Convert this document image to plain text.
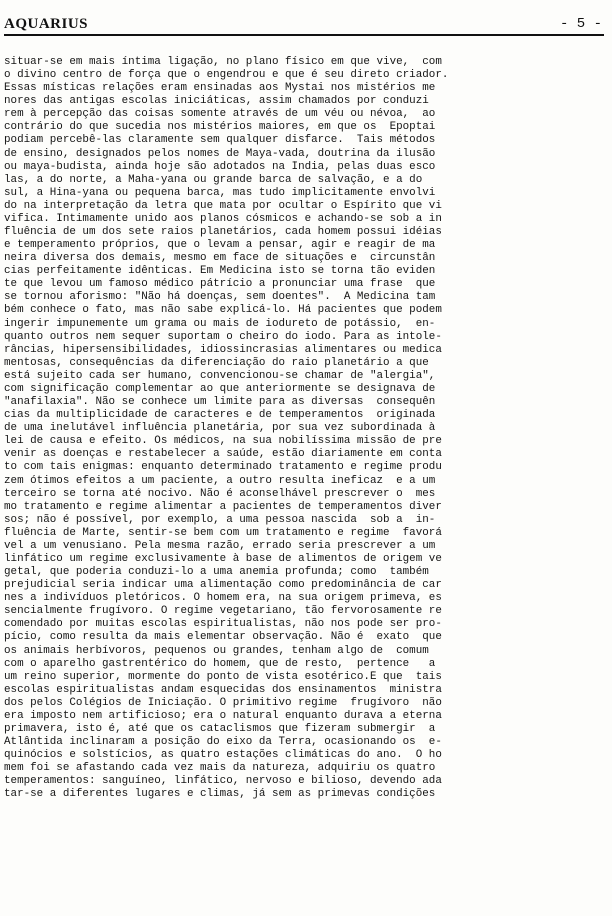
AQUARIUS	- 5 -
situar-se em mais íntima ligação, no plano físico em que vive,  com
o divino centro de força que o engendrou e que é seu direto criador.
Essas místicas relações eram ensinadas aos Mystai nos mistérios me
nores das antigas escolas iniciáticas, assim chamados por conduzi
rem à percepção das coisas somente através de um véu ou névoa,  ao
contrário do que sucedia nos mistérios maiores, em que os  Epoptai
podiam percebê-las claramente sem qualquer disfarce.  Tais métodos
de ensino, designados pelos nomes de Maya-vada, doutrina da ilusão
ou maya-budista, ainda hoje são adotados na Índia, pelas duas esco
las, a do norte, a Maha-yana ou grande barca de salvação, e a do
sul, a Hina-yana ou pequena barca, mas tudo implicitamente envolvi
do na interpretação da letra que mata por ocultar o Espírito que vi
vifica. Intimamente unido aos planos cósmicos e achando-se sob a in
fluência de um dos sete raios planetários, cada homem possui idéias
e temperamento próprios, que o levam a pensar, agir e reagir de ma
neira diversa dos demais, mesmo em face de situações e  circunstân
cias perfeitamente idênticas. Em Medicina isto se torna tão eviden
te que levou um famoso médico pátrício a pronunciar uma frase  que
se tornou aforismo: "Não há doenças, sem doentes".  A Medicina tam
bém conhece o fato, mas não sabe explicá-lo. Há pacientes que podem
ingerir impunemente um grama ou mais de iodureto de potássio,  en-
quanto outros nem sequer suportam o cheiro do iodo. Para as intole-
râncias, hipersensibilidades, idiossincrasias alimentares ou medica
mentosas, consequências da diferenciação do raio planetário a que
está sujeito cada ser humano, convencionou-se chamar de "alergia",
com significação complementar ao que anteriormente se designava de
"anafilaxia". Não se conhece um limite para as diversas  consequên
cias da multiplicidade de caracteres e de temperamentos  originada
de uma inelutável influência planetária, por sua vez subordinada à
lei de causa e efeito. Os médicos, na sua nobilíssima missão de pre
venir as doenças e restabelecer a saúde, estão diariamente em conta
to com tais enigmas: enquanto determinado tratamento e regime produ
zem ótimos efeitos a um paciente, a outro resulta ineficaz  e a um
terceiro se torna até nocivo. Não é aconselhável prescrever o  mes
mo tratamento e regime alimentar a pacientes de temperamentos diver
sos; não é possível, por exemplo, a uma pessoa nascida  sob a  in-
fluência de Marte, sentir-se bem com um tratamento e regime  favorá
vel a um venusiano. Pela mesma razão, errado seria prescrever a um
linfático um regime exclusivamente à base de alimentos de origem ve
getal, que poderia conduzi-lo a uma anemia profunda; como  também
prejudicial seria indicar uma alimentação como predominância de car
nes a indivíduos pletóricos. O homem era, na sua origem primeva, es
sencialmente frugívoro. O regime vegetariano, tão fervorosamente re
comendado por muitas escolas espiritualistas, não nos pode ser pro-
pício, como resulta da mais elementar observação. Não é  exato  que
os animais herbívoros, pequenos ou grandes, tenham algo de  comum
com o aparelho gastrentérico do homem, que de resto,  pertence   a
um reino superior, mormente do ponto de vista esotérico.É que  tais
escolas espiritualistas andam esquecidas dos ensinamentos  ministra
dos pelos Colégios de Iniciação. O primitivo regime  frugívoro  não
era imposto nem artificioso; era o natural enquanto durava a eterna
primavera, isto é, até que os cataclismos que fizeram submergir  a
Atlântida inclinaram a posição do eixo da Terra, ocasionando os  e-
quinócios e solstícios, as quatro estações climáticas do ano.  O ho
mem foi se afastando cada vez mais da natureza, adquiriu os quatro
temperamentos: sanguíneo, linfático, nervoso e bilioso, devendo ada
tar-se a diferentes lugares e climas, já sem as primevas condições
